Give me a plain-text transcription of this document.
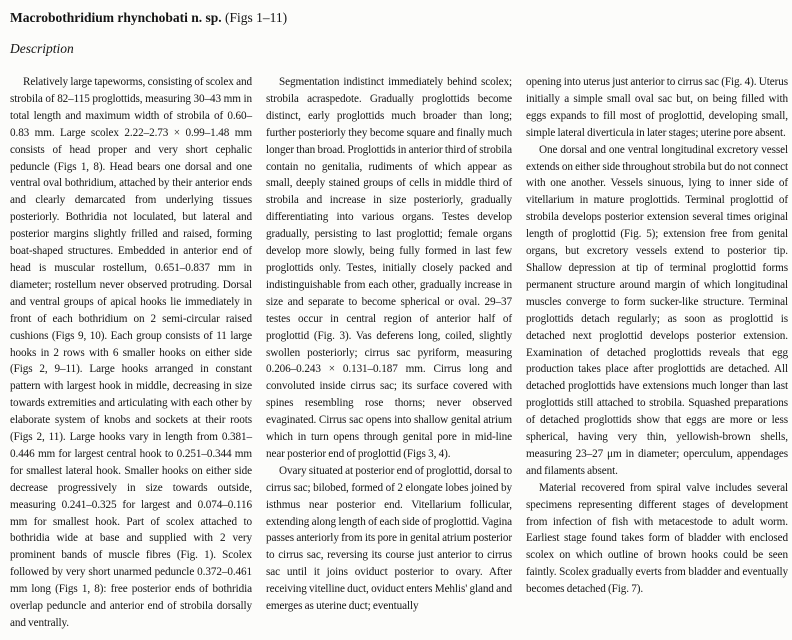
Macrobothridium rhynchobati n. sp. (Figs 1–11)
Description

Relatively large tapeworms, consisting of scolex and strobila of 82–115 proglottids, measuring 30–43 mm in total length and maximum width of strobila of 0.60–0.83 mm. Large scolex 2.22–2.73 × 0.99–1.48 mm consists of head proper and very short cephalic peduncle (Figs 1, 8). Head bears one dorsal and one ventral oval bothridium, attached by their anterior ends and clearly demarcated from underlying tissues posteriorly. Bothridia not loculated, but lateral and posterior margins slightly frilled and raised, forming boat-shaped structures. Embedded in anterior end of head is muscular rostellum, 0.651–0.837 mm in diameter; rostellum never observed protruding. Dorsal and ventral groups of apical hooks lie immediately in front of each bothridium on 2 semi-circular raised cushions (Figs 9, 10). Each group consists of 11 large hooks in 2 rows with 6 smaller hooks on either side (Figs 2, 9–11). Large hooks arranged in constant pattern with largest hook in middle, decreasing in size towards extremities and articulating with each other by elaborate system of knobs and sockets at their roots (Figs 2, 11). Large hooks vary in length from 0.381–0.446 mm for largest central hook to 0.251–0.344 mm for smallest lateral hook. Smaller hooks on either side decrease progressively in size towards outside, measuring 0.241–0.325 for largest and 0.074–0.116 mm for smallest hook. Part of scolex attached to bothridia wide at base and supplied with 2 very prominent bands of muscle fibres (Fig. 1). Scolex followed by very short unarmed peduncle 0.372–0.461 mm long (Figs 1, 8): free posterior ends of bothridia overlap peduncle and anterior end of strobila dorsally and ventrally.

Segmentation indistinct immediately behind scolex; strobila acraspedote. Gradually proglottids become distinct, early proglottids much broader than long; further posteriorly they become square and finally much longer than broad. Proglottids in anterior third of strobila contain no genitalia, rudiments of which appear as small, deeply stained groups of cells in middle third of strobila and increase in size posteriorly, gradually differentiating into various organs. Testes develop gradually, persisting to last proglottid; female organs develop more slowly, being fully formed in last few proglottids only. Testes, initially closely packed and indistinguishable from each other, gradually increase in size and separate to become spherical or oval. 29–37 testes occur in central region of anterior half of proglottid (Fig. 3). Vas deferens long, coiled, slightly swollen posteriorly; cirrus sac pyriform, measuring 0.206–0.243 × 0.131–0.187 mm. Cirrus long and convoluted inside cirrus sac; its surface covered with spines resembling rose thorns; never observed evaginated. Cirrus sac opens into shallow genital atrium which in turn opens through genital pore in mid-line near posterior end of proglottid (Figs 3, 4).

Ovary situated at posterior end of proglottid, dorsal to cirrus sac; bilobed, formed of 2 elongate lobes joined by isthmus near posterior end. Vitellarium follicular, extending along length of each side of proglottid. Vagina passes anteriorly from its pore in genital atrium posterior to cirrus sac, reversing its course just anterior to cirrus sac until it joins oviduct posterior to ovary. After receiving vitelline duct, oviduct enters Mehlis' gland and emerges as uterine duct; eventually

opening into uterus just anterior to cirrus sac (Fig. 4). Uterus initially a simple small oval sac but, on being filled with eggs expands to fill most of proglottid, developing small, simple lateral diverticula in later stages; uterine pore absent.

One dorsal and one ventral longitudinal excretory vessel extends on either side throughout strobila but do not connect with one another. Vessels sinuous, lying to inner side of vitellarium in mature proglottids. Terminal proglottid of strobila develops posterior extension several times original length of proglottid (Fig. 5); extension free from genital organs, but excretory vessels extend to posterior tip. Shallow depression at tip of terminal proglottid forms permanent structure around margin of which longitudinal muscles converge to form sucker-like structure. Terminal proglottids detach regularly; as soon as proglottid is detached next proglottid develops posterior extension. Examination of detached proglottids reveals that egg production takes place after proglottids are detached. All detached proglottids have extensions much longer than last proglottids still attached to strobila. Squashed preparations of detached proglottids show that eggs are more or less spherical, having very thin, yellowish-brown shells, measuring 23–27 μm in diameter; operculum, appendages and filaments absent.

Material recovered from spiral valve includes several specimens representing different stages of development from infection of fish with metacestode to adult worm. Earliest stage found takes form of bladder with enclosed scolex on which outline of brown hooks could be seen faintly. Scolex gradually everts from bladder and eventually becomes detached (Fig. 7).
